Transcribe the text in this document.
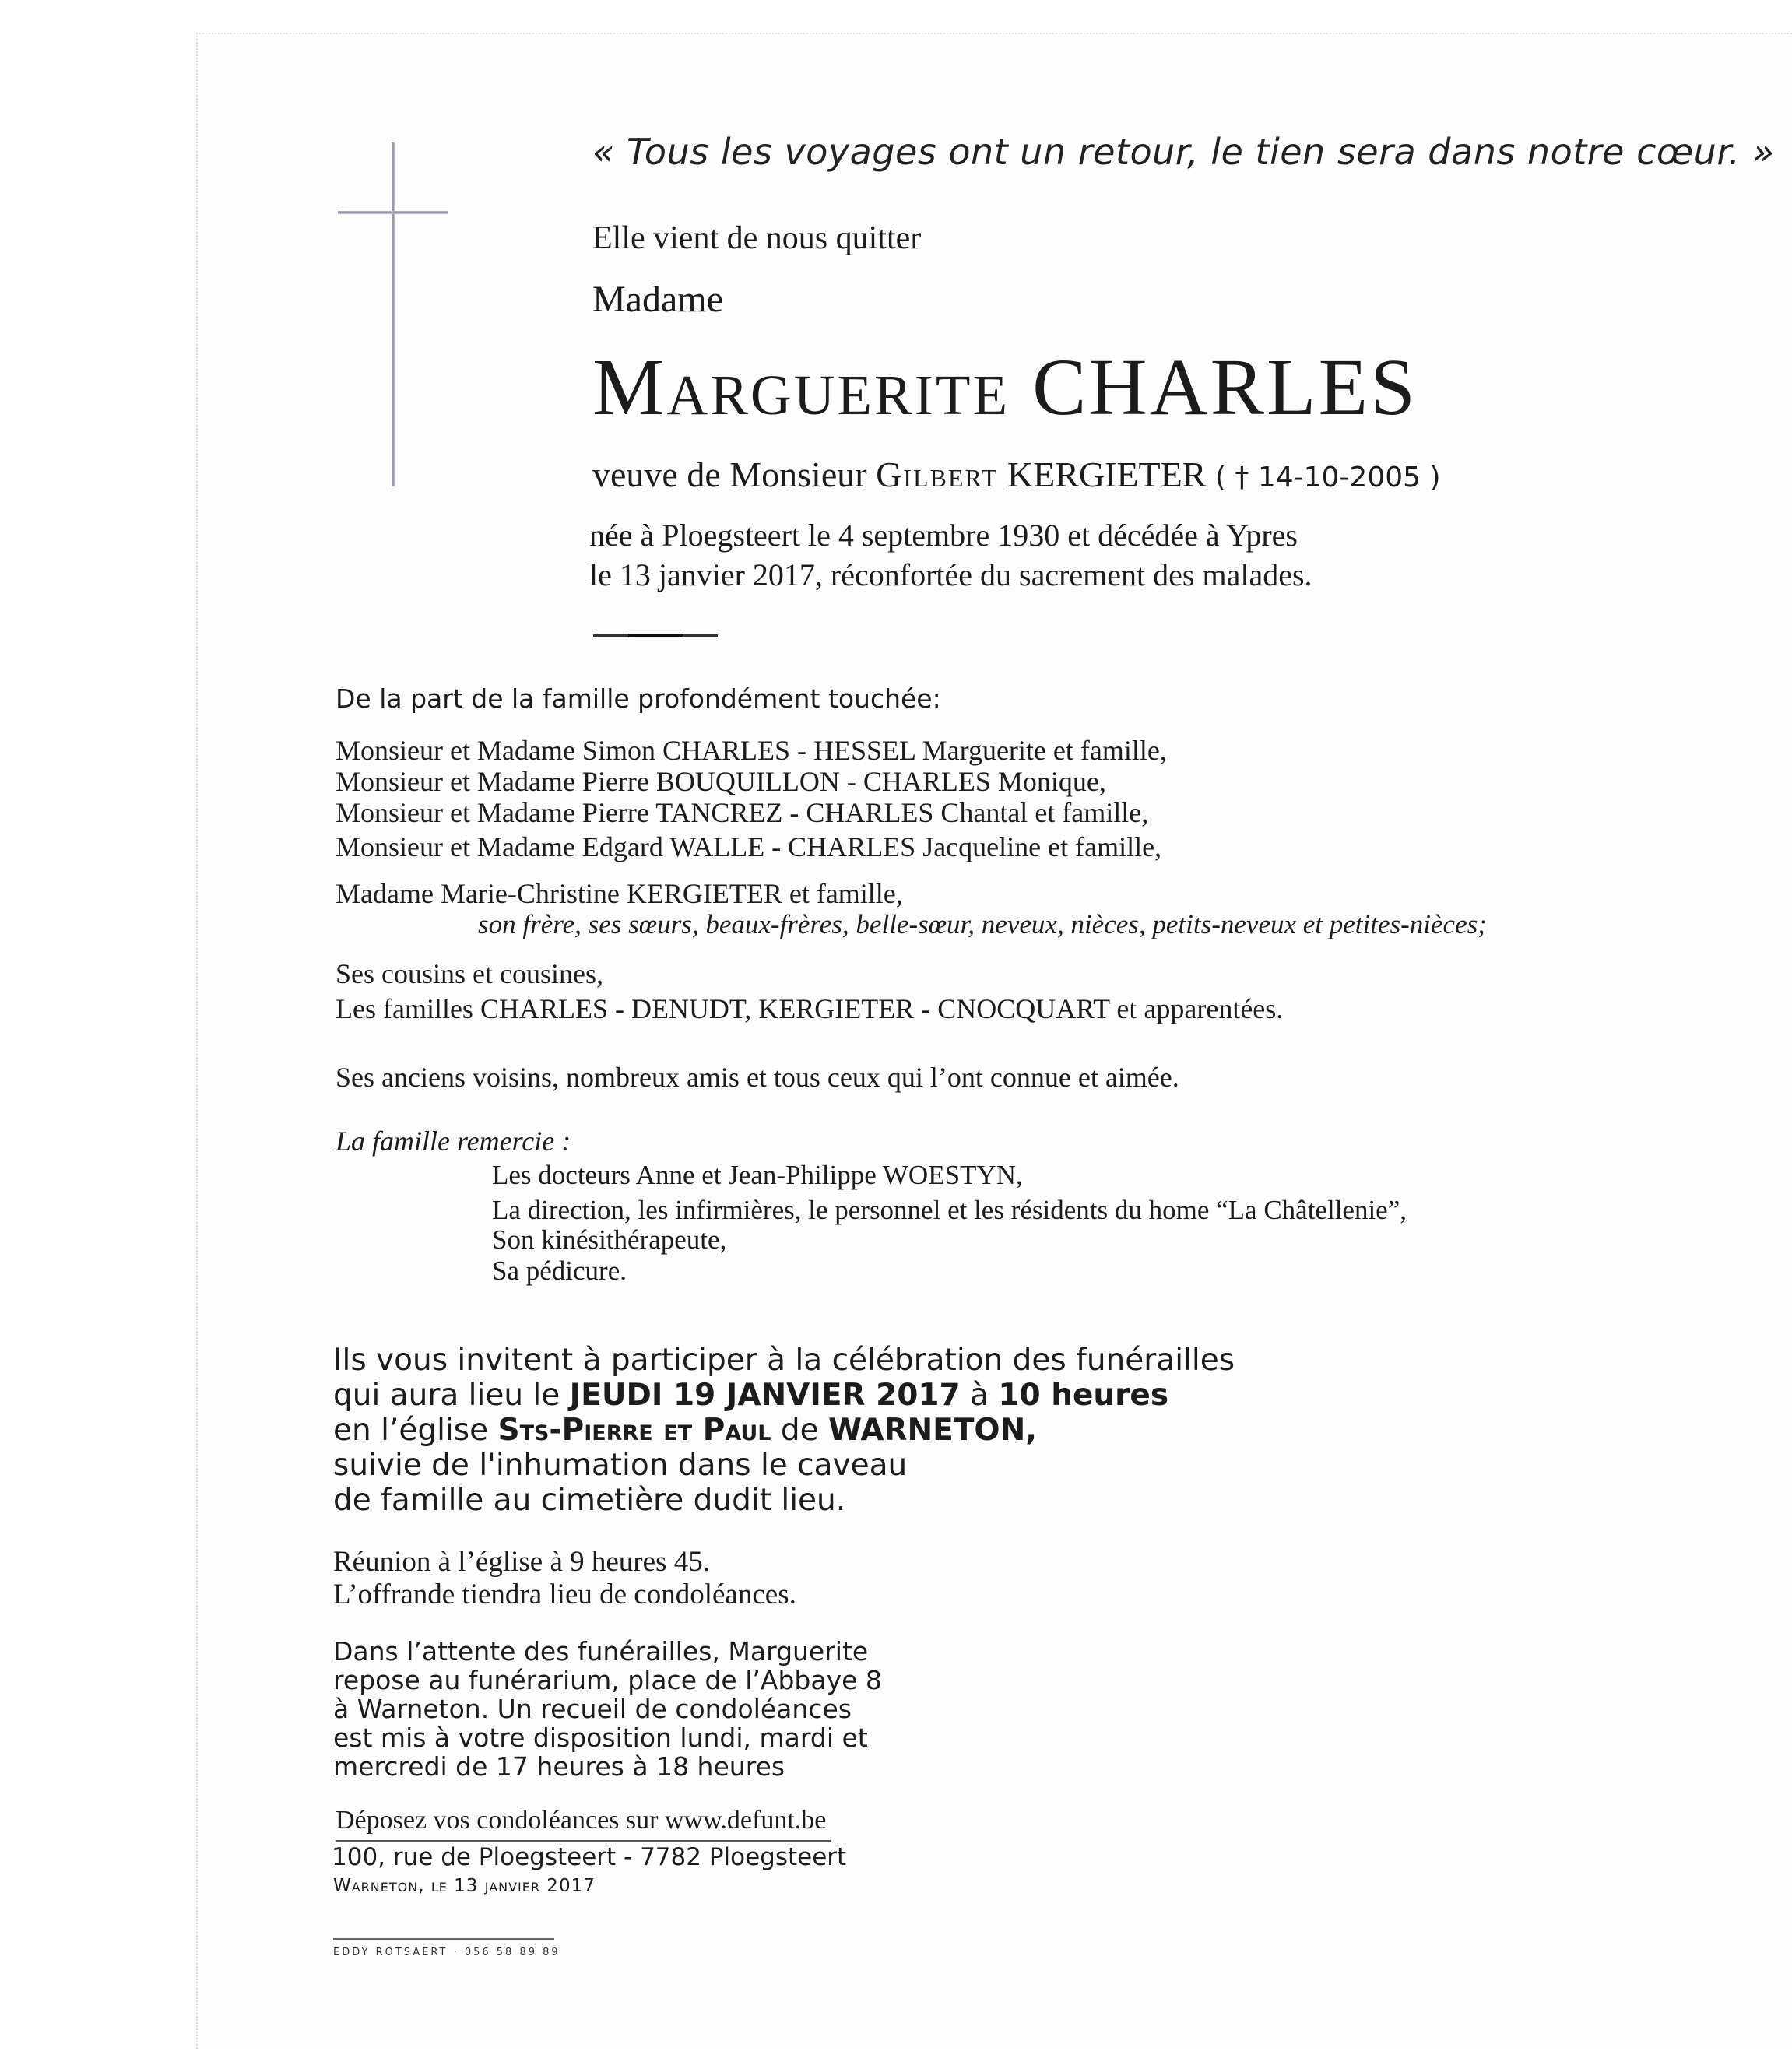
« Tous les voyages ont un retour, le tien sera dans notre cœur. »
Elle vient de nous quitter
Madame
Marguerite CHARLES
veuve de Monsieur Gilbert KERGIETER ( † 14-10-2005 )
née à Ploegsteert le 4 septembre 1930 et décédée à Ypres
le 13 janvier 2017, réconfortée du sacrement des malades.
De la part de la famille profondément touchée:
Monsieur et Madame Simon CHARLES - HESSEL Marguerite et famille,
Monsieur et Madame Pierre BOUQUILLON - CHARLES Monique,
Monsieur et Madame Pierre TANCREZ - CHARLES Chantal et famille,
Monsieur et Madame Edgard WALLE - CHARLES Jacqueline et famille,
Madame Marie-Christine KERGIETER et famille,
son frère, ses sœurs, beaux-frères, belle-sœur, neveux, nièces, petits-neveux et petites-nièces;
Ses cousins et cousines,
Les familles CHARLES - DENUDT, KERGIETER - CNOCQUART et apparentées.
Ses anciens voisins, nombreux amis et tous ceux qui l’ont connue et aimée.
La famille remercie :
Les docteurs Anne et Jean-Philippe WOESTYN,
La direction, les infirmières, le personnel et les résidents du home “La Châtellenie”,
Son kinésithérapeute,
Sa pédicure.
Ils vous invitent à participer à la célébration des funérailles
qui aura lieu le JEUDI 19 JANVIER 2017 à 10 heures
en l’église Sts-Pierre et Paul de WARNETON,
suivie de l'inhumation dans le caveau
de famille au cimetière dudit lieu.
Réunion à l’église à 9 heures 45.
L’offrande tiendra lieu de condoléances.
Dans l’attente des funérailles, Marguerite
repose au funérarium, place de l’Abbaye 8
à Warneton. Un recueil de condoléances
est mis à votre disposition lundi, mardi et
mercredi de 17 heures à 18 heures
Déposez vos condoléances sur www.defunt.be
100, rue de Ploegsteert - 7782 Ploegsteert
Warneton, le 13 janvier 2017
EDDY ROTSAERT · 056 58 89 89
